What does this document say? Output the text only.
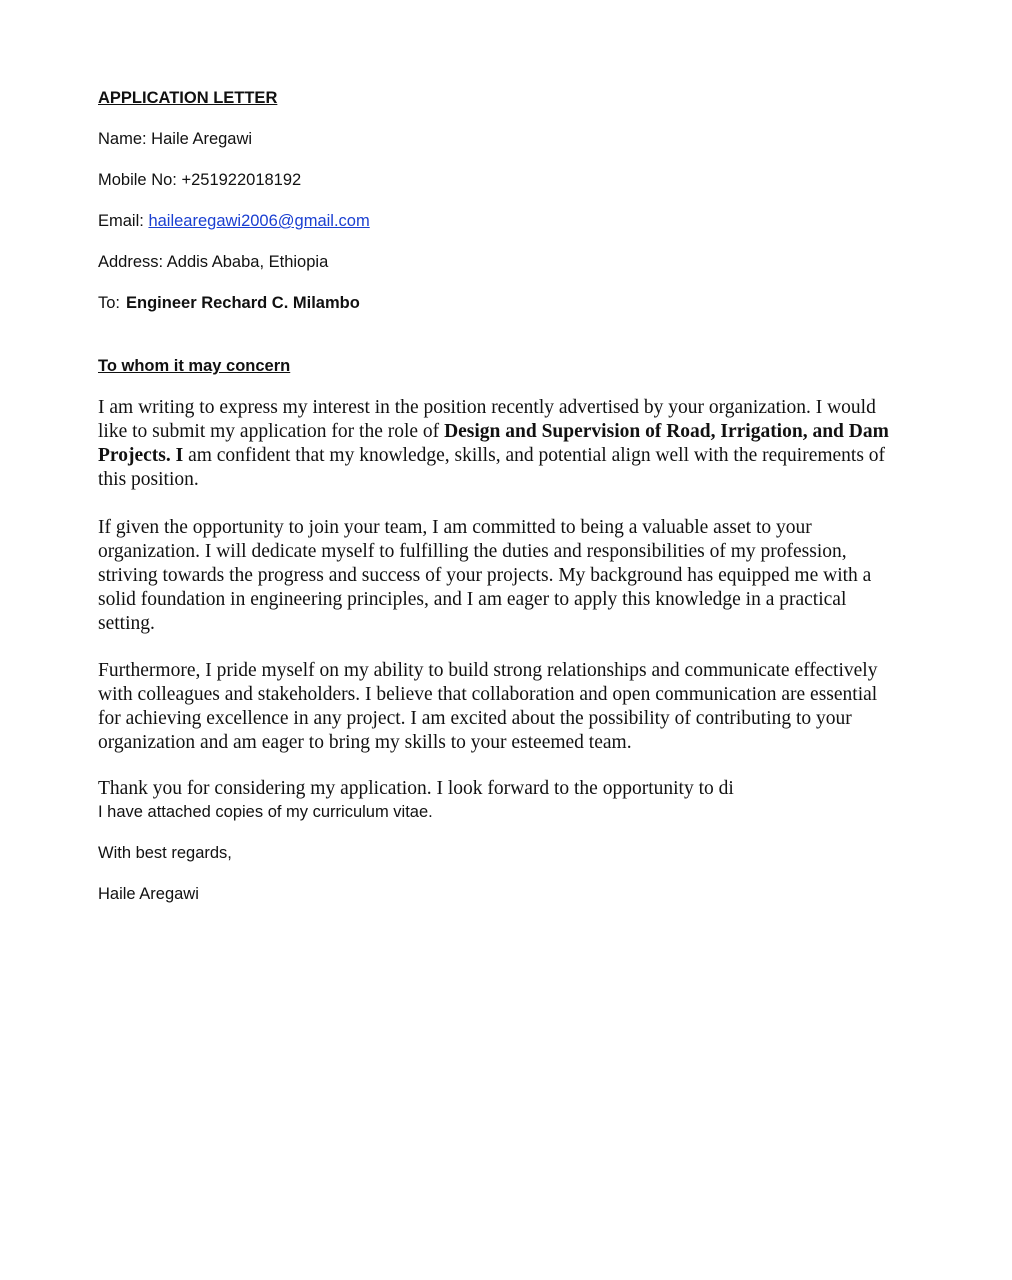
APPLICATION LETTER

Name: Haile Aregawi

Mobile No: +251922018192

Email: hailearegawi2006@gmail.com

Address: Addis Ababa, Ethiopia

To: Engineer Rechard C. Milambo

To whom it may concern

I am writing to express my interest in the position recently advertised by your organization. I would
like to submit my application for the role of Design and Supervision of Road, Irrigation, and Dam
Projects. I am confident that my knowledge, skills, and potential align well with the requirements of
this position.
If given the opportunity to join your team, I am committed to being a valuable asset to your
organization. I will dedicate myself to fulfilling the duties and responsibilities of my profession,
striving towards the progress and success of your projects. My background has equipped me with a
solid foundation in engineering principles, and I am eager to apply this knowledge in a practical
setting.
Furthermore, I pride myself on my ability to build strong relationships and communicate effectively
with colleagues and stakeholders. I believe that collaboration and open communication are essential
for achieving excellence in any project. I am excited about the possibility of contributing to your
organization and am eager to bring my skills to your esteemed team.
Thank you for considering my application. I look forward to the opportunity to di

I have attached copies of my curriculum vitae.

With best regards,

Haile Aregawi
